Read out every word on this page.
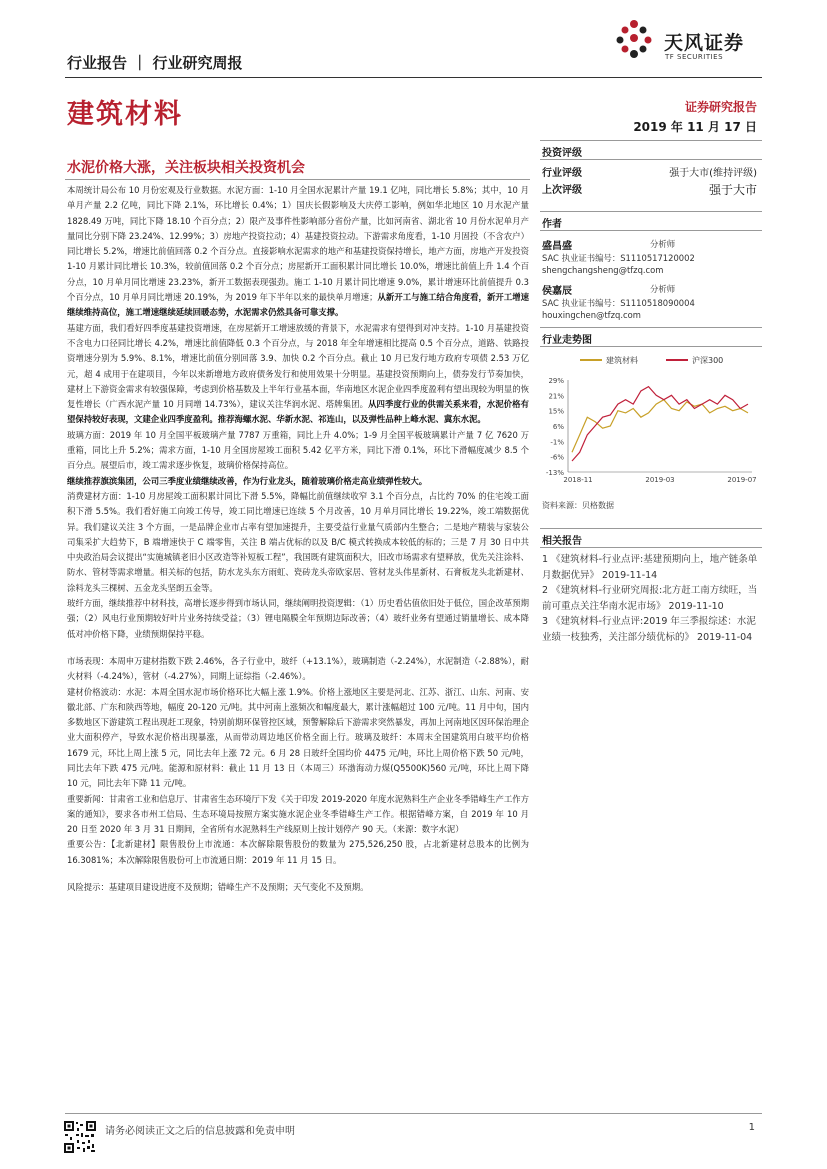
天风证券
TF SECURITIES
行业报告 ｜ 行业研究周报
建筑材料	证券研究报告
2019 年 11 月 17 日
水泥价格大涨，关注板块相关投资机会

本周统计局公布 10 月份宏观及行业数据。水泥方面：1-10 月全国水泥累计产量 19.1 亿吨，同比增长 5.8%；其中，10 月单月产量 2.2 亿吨，同比下降 2.1%，环比增长 0.4%；1）国庆长假影响及大庆停工影响，例如华北地区 10 月水泥产量 1828.49 万吨，同比下降 18.10 个百分点；2）限产及事件性影响部分省份产量，比如河南省、湖北省 10 月份水泥单月产量同比分别下降 23.24%、12.99%；3）房地产投资拉动；4）基建投资拉动。下游需求角度看，1-10 月固投（不含农户）同比增长 5.2%，增速比前值回落 0.2 个百分点。直接影响水泥需求的地产和基建投资保持增长，地产方面，房地产开发投资 1-10 月累计同比增长 10.3%，较前值回落 0.2 个百分点；房屋新开工面积累计同比增长 10.0%，增速比前值上升 1.4 个百分点，10 月单月同比增速 23.23%，新开工数据表现强劲。施工 1-10 月累计同比增速 9.0%，累计增速环比前值提升 0.3 个百分点，10 月单月同比增速 20.19%，为 2019 年下半年以来的最快单月增速；从新开工与施工结合角度看，新开工增速继续维持高位，施工增速继续延续回暖态势，水泥需求仍然具备可靠支撑。

基建方面，我们看好四季度基建投资增速，在房屋新开工增速放缓的背景下，水泥需求有望得到对冲支持。1-10 月基建投资不含电力口径同比增长 4.2%，增速比前值降低 0.3 个百分点，与 2018 年全年增速相比提高 0.5 个百分点，道路、铁路投资增速分别为 5.9%、8.1%，增速比前值分别回落 3.9、加快 0.2 个百分点。截止 10 月已发行地方政府专项债 2.53 万亿元，超 4 成用于在建项目，今年以来新增地方政府债务发行和使用效果十分明显。基建投资预期向上，债券发行节奏加快，建材上下游资金需求有较强保障，考虑到价格基数及上半年行业基本面，华南地区水泥企业四季度盈利有望出现较为明显的恢复性增长（广西水泥产量 10 月同增 14.73%），建议关注华润水泥、塔牌集团。从四季度行业的供需关系来看，水泥价格有望保持较好表现，文建企业四季度盈利。推荐海螺水泥、华新水泥、祁连山，以及弹性品种上峰水泥、冀东水泥。

玻璃方面：2019 年 10 月全国平板玻璃产量 7787 万重箱，同比上升 4.0%；1-9 月全国平板玻璃累计产量 7 亿 7620 万重箱，同比上升 5.2%；需求方面，1-10 月全国房屋竣工面积 5.42 亿平方米，同比下滑 0.1%，环比下滑幅度减少 8.5 个百分点。展望后市，竣工需求逐步恢复，玻璃价格保持高位。

继续推荐旗滨集团，公司三季度业绩继续改善，作为行业龙头，随着玻璃价格走高业绩弹性较大。

消费建材方面：1-10 月房屋竣工面积累计同比下滑 5.5%，降幅比前值继续收窄 3.1 个百分点，占比约 70% 的住宅竣工面积下滑 5.5%。我们看好施工向竣工传导，竣工同比增速已连续 5 个月改善，10 月单月同比增长 19.22%，竣工端数据优异。我们建议关注 3 个方面，一是品牌企业市占率有望加速提升，主要受益行业量气质部内生整合；二是地产精装与家装公司集采扩大趋势下，B 端增速快于 C 端零售，关注 B 端占优标的以及 B/C 模式转换成本较低的标的；三是 7 月 30 日中共中央政治局会议提出“实施城镇老旧小区改造等补短板工程”，我国既有建筑面积大，旧改市场需求有望释放，优先关注涂料、防水、管材等需求增量。相关标的包括，防水龙头东方雨虹、瓷砖龙头帝欧家居、管材龙头伟星新材、石膏板龙头北新建材、涂料龙头三棵树、五金龙头坚朗五金等。

玻纤方面，继续推荐中材科技，高增长逐步得到市场认同，继续阐明投资逻辑：（1）历史看估值依旧处于低位，国企改革预期强；（2）风电行业预期较好叶片业务持续受益；（3）锂电隔膜全年预期边际改善；（4）玻纤业务有望通过销量增长、成本降低对冲价格下降，业绩预期保持平稳。

市场表现：本周申万建材指数下跌 2.46%，各子行业中，玻纤（+13.1%），玻璃制造（-2.24%），水泥制造（-2.88%），耐火材料（-4.24%），管材（-4.27%），同期上证综指（-2.46%）。

建材价格波动：水泥：本周全国水泥市场价格环比大幅上涨 1.9%。价格上涨地区主要是河北、江苏、浙江、山东、河南、安徽北部、广东和陕西等地，幅度 20-120 元/吨。其中河南上涨频次和幅度最大，累计涨幅超过 100 元/吨。11 月中旬，国内多数地区下游建筑工程出现赶工现象，特别前期环保管控区域，预警解除后下游需求突然暴发，再加上河南地区因环保治理企业大面积停产，导致水泥价格出现暴涨，从而带动周边地区价格全面上行。玻璃及玻纤：本周末全国建筑用白玻平均价格 1679 元，环比上周上涨 5 元，同比去年上涨 72 元。6 月 28 日玻纤全国均价 4475 元/吨，环比上周价格下跌 50 元/吨，同比去年下跌 475 元/吨。能源和原材料：截止 11 月 13 日（本周三）环渤海动力煤(Q5500K)560 元/吨，环比上周下降 10 元，同比去年下降 11 元/吨。

重要新闻：甘肃省工业和信息厅、甘肃省生态环境厅下发《关于印发 2019-2020 年度水泥熟料生产企业冬季错峰生产工作方案的通知》，要求各市州工信局、生态环境局按照方案实施水泥企业冬季错峰生产工作。根据错峰方案，自 2019 年 10 月 20 日至 2020 年 3 月 31 日期间，全省所有水泥熟料生产线原则上按计划停产 90 天。（来源：数字水泥）

重要公告：【北新建材】限售股份上市流通：本次解除限售股份的数量为 275,526,250 股，占北新建材总股本的比例为 16.3081%；本次解除限售股份可上市流通日期：2019 年 11 月 15 日。

风险提示：基建项目建设进度不及预期；错峰生产不及预期；天气变化不及预期。

投资评级
行业评级	强于大市(维持评级)
上次评级	强于大市
作者
盛昌盛	分析师
SAC 执业证书编号：S1110517120002
shengchangsheng@tfzq.com
侯嘉辰	分析师
SAC 执业证书编号：S1110518090004
houxingchen@tfzq.com
行业走势图
建筑材料	沪深300
29%
21%
15%
6%
-1%
-6%
-13%
2018-11	2019-03	2019-07
资料来源：贝格数据
相关报告

1 《建筑材料-行业点评:基建预期向上，地产链条单月数据优异》 2019-11-14

2 《建筑材料-行业研究周报:北方赶工南方续旺，当前可重点关注华南水泥市场》 2019-11-10

3 《建筑材料-行业点评:2019 年三季报综述：水泥业绩一枝独秀，关注部分绩优标的》 2019-11-04

请务必阅读正文之后的信息披露和免责申明	1
